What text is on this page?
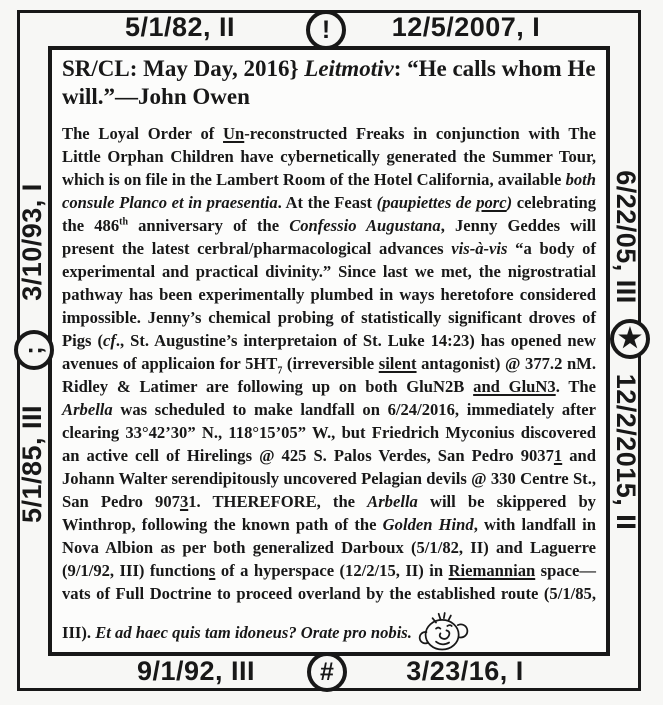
5/1/82, II	!	12/5/2007, I
9/1/92, III	#	3/23/16, I
3/10/93, I
;
5/1/85, III
6/22/05, III
★
12/2/2015, II
SR/CL: May Day, 2016} Leitmotiv: “He calls whom He will.”—John Owen

The Loyal Order of Un-reconstructed Freaks in conjunction with The Little Orphan Children have cybernetically generated the Summer Tour, which is on file in the Lambert Room of the Hotel California, available both consule Planco et in praesentia. At the Feast (paupiettes de porc) celebrating the 486th anniversary of the Confessio Augustana, Jenny Geddes will present the latest cerbral/pharmacological advances vis-à-vis “a body of experimental and practical divinity.” Since last we met, the nigrostratial pathway has been experimentally plumbed in ways heretofore considered impossible. Jenny’s chemical probing of statistically significant droves of Pigs (cf., St. Augustine’s interpretaion of St. Luke 14:23) has opened new avenues of applicaion for $5HT_7$ (irreversible silent antagonist) @ 377.2 nM. Ridley & Latimer are following up on both GluN2B and GluN3. The Arbella was scheduled to make landfall on 6/24/2016, immediately after clearing 33°42’30” N., 118°15’05” W., but Friedrich Myconius discovered an active cell of Hirelings @ 425 S. Palos Verdes, San Pedro 90371 and Johann Walter serendipitously uncovered Pelagian devils @ 330 Centre St., San Pedro 90731. THEREFORE, the Arbella will be skippered by Winthrop, following the known path of the Golden Hind, with landfall in Nova Albion as per both generalized Darboux (5/1/82, II) and Laguerre (9/1/92, III) functions of a hyperspace (12/2/15, II) in Riemannian space—vats of Full Doctrine to proceed overland by the established route (5/1/85, III). Et ad haec quis tam idoneus? Orate pro nobis.
